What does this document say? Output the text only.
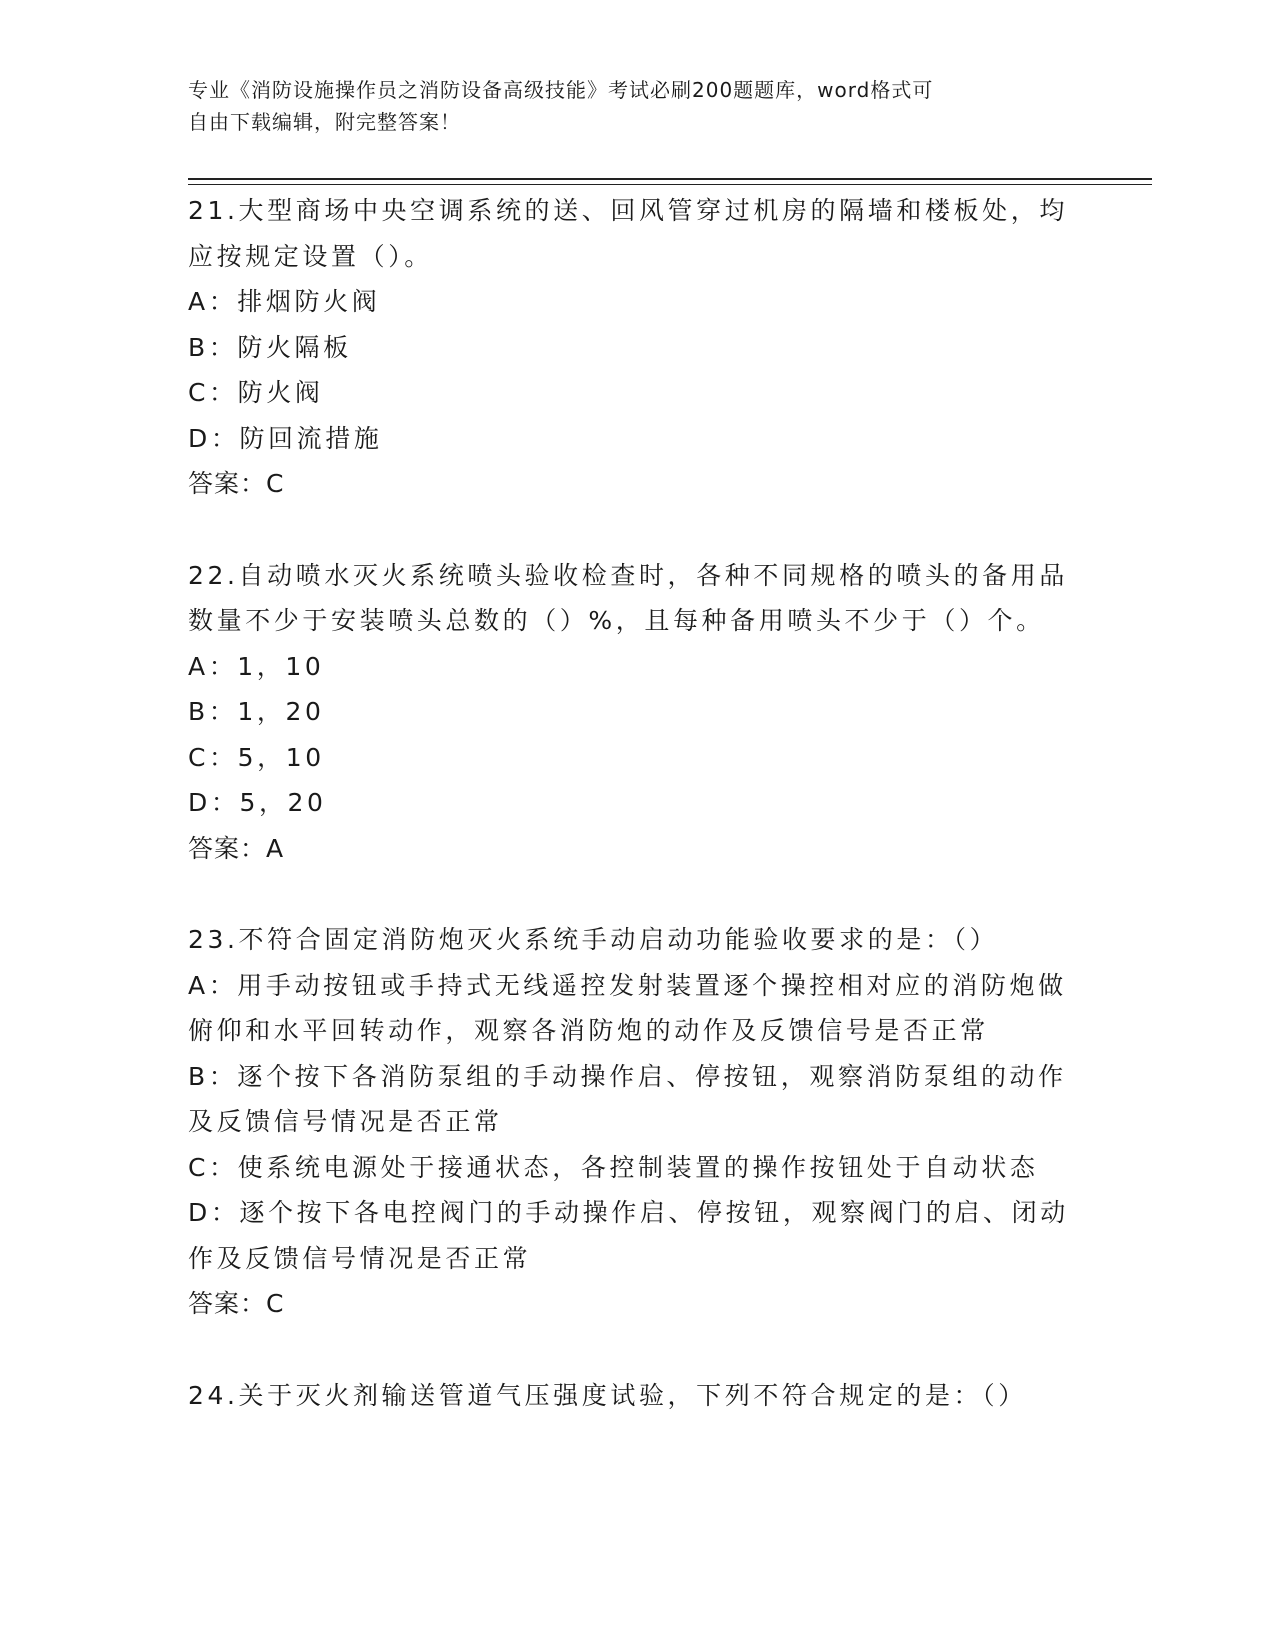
专业《消防设施操作员之消防设备高级技能》考试必刷200题题库，word格式可
自由下载编辑，附完整答案！
21.大型商场中央空调系统的送、回风管穿过机房的隔墙和楼板处，均
应按规定设置（）。
A：排烟防火阀
B：防火隔板
C：防火阀
D：防回流措施
答案：C
22.自动喷水灭火系统喷头验收检查时，各种不同规格的喷头的备用品
数量不少于安装喷头总数的（）%，且每种备用喷头不少于（）个。
A：1，10
B：1，20
C：5，10
D：5，20
答案：A
23.不符合固定消防炮灭火系统手动启动功能验收要求的是：（）
A：用手动按钮或手持式无线遥控发射装置逐个操控相对应的消防炮做
俯仰和水平回转动作，观察各消防炮的动作及反馈信号是否正常
B：逐个按下各消防泵组的手动操作启、停按钮，观察消防泵组的动作
及反馈信号情况是否正常
C：使系统电源处于接通状态，各控制装置的操作按钮处于自动状态
D：逐个按下各电控阀门的手动操作启、停按钮，观察阀门的启、闭动
作及反馈信号情况是否正常
答案：C
24.关于灭火剂输送管道气压强度试验，下列不符合规定的是：（）
